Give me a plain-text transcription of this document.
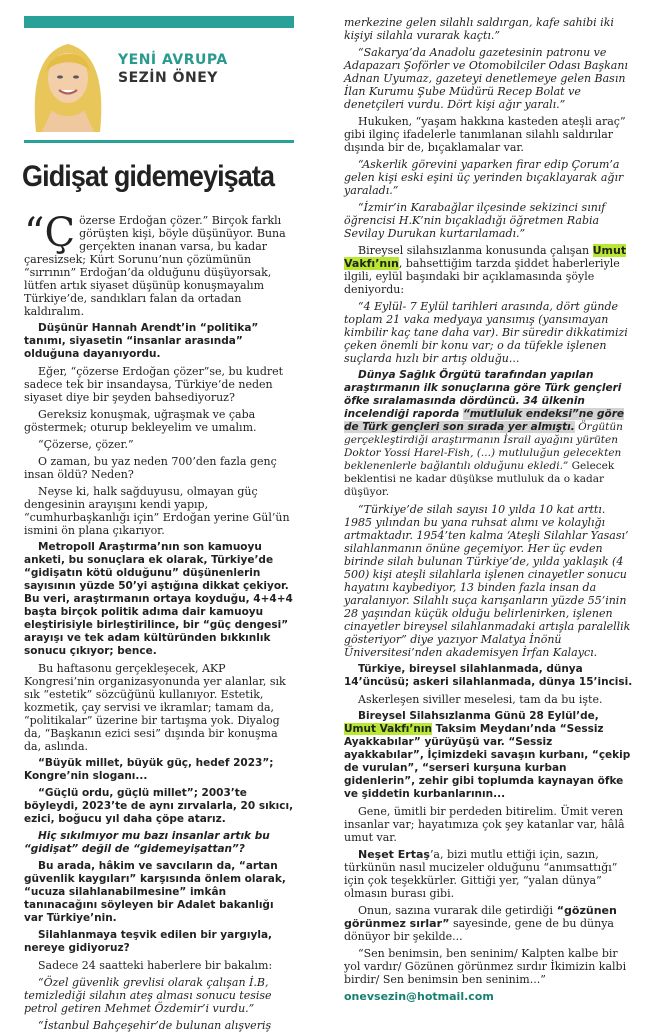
YENİ AVRUPA
SEZİN ÖNEY
Gidişat gidemeyişata

“Çözerse Erdoğan çözer.” Birçok farklı görüşten kişi, böyle düşünüyor. Buna gerçekten inanan varsa, bu kadar çaresizsek; Kürt Sorunu’nun çözümünün “sırrının” Erdoğan’da olduğunu düşüyorsak, lütfen artık siyaset düşünüp konuşmayalım Türkiye’de, sandıkları falan da ortadan kaldıralım.

Düşünür Hannah Arendt’in “politika” tanımı, siyasetin “insanlar arasında” olduğuna dayanıyordu.

Eğer, “çözerse Erdoğan çözer”se, bu kudret sadece tek bir insandaysa, Türkiye’de neden siyaset diye bir şeyden bahsediyoruz?

Gereksiz konuşmak, uğraşmak ve çaba göstermek; oturup bekleyelim ve umalım.

“Çözerse, çözer.”

O zaman, bu yaz neden 700’den fazla genç insan öldü? Neden?

Neyse ki, halk sağduyusu, olmayan güç dengesinin arayışını kendi yapıp, “cumhurbaşkanlığı için” Erdoğan yerine Gül’ün ismini ön plana çıkarıyor.

Metropoll Araştırma’nın son kamuoyu anketi, bu sonuçlara ek olarak, Türkiye’de “gidişatın kötü olduğunu” düşünenlerin sayısının yüzde 50’yi aştığına dikkat çekiyor. Bu veri, araştırmanın ortaya koyduğu, 4+4+4 başta birçok politik adıma dair kamuoyu eleştirisiyle birleştirilince, bir “güç dengesi” arayışı ve tek adam kültüründen bıkkınlık sonucu çıkıyor; bence.

Bu haftasonu gerçekleşecek, AKP Kongresi’nin organizasyonunda yer alanlar, sık sık “estetik” sözcüğünü kullanıyor. Estetik, kozmetik, çay servisi ve ikramlar; tamam da, “politikalar” üzerine bir tartışma yok. Diyalog da, “Başkanın ezici sesi” dışında bir konuşma da, aslında.

“Büyük millet, büyük güç, hedef 2023”; Kongre’nin sloganı...

“Güçlü ordu, güçlü millet”; 2003’te böyleydi, 2023’te de aynı zırvalarla, 20 sıkıcı, ezici, boğucu yıl daha çöpe atarız.

Hiç sıkılmıyor mu bazı insanlar artık bu “gidişat” değil de “gidemeyişattan”?

Bu arada, hâkim ve savcıların da, “artan güvenlik kaygıları” karşısında önlem olarak, “ucuza silahlanabilmesine” imkân tanınacağını söyleyen bir Adalet bakanlığı var Türkiye’nin.

Silahlanmaya teşvik edilen bir yargıyla, nereye gidiyoruz?

Sadece 24 saatteki haberlere bir bakalım:

“Özel güvenlik grevlisi olarak çalışan İ.B, temizlediği silahın ateş alması sonucu tesise petrol getiren Mehmet Özdemir’i vurdu.”

“İstanbul Bahçeşehir’de bulunan alışveriş

merkezine gelen silahlı saldırgan, kafe sahibi iki kişiyi silahla vurarak kaçtı.”

“Sakarya’da Anadolu gazetesinin patronu ve Adapazarı Şoförler ve Otomobilciler Odası Başkanı Adnan Uyumaz, gazeteyi denetlemeye gelen Basın İlan Kurumu Şube Müdürü Recep Bolat ve denetçileri vurdu. Dört kişi ağır yaralı.”

Hukuken, “yaşam hakkına kasteden ateşli araç” gibi ilginç ifadelerle tanımlanan silahlı saldırılar dışında bir de, bıçaklamalar var.

“Askerlik görevini yaparken firar edip Çorum’a gelen kişi eski eşini üç yerinden bıçaklayarak ağır yaraladı.”

“İzmir’in Karabağlar ilçesinde sekizinci sınıf öğrencisi H.K’nin bıçakladığı öğretmen Rabia Sevilay Durukan kurtarılamadı.”

Bireysel silahsızlanma konusunda çalışan Umut Vakfı’nın, bahsettiğim tarzda şiddet haberleriyle ilgili, eylül başındaki bir açıklamasında şöyle deniyordu:

“4 Eylül- 7 Eylül tarihleri arasında, dört günde toplam 21 vaka medyaya yansımış (yansımayan kimbilir kaç tane daha var). Bir süredir dikkatimizi çeken önemli bir konu var; o da tüfekle işlenen suçlarda hızlı bir artış olduğu...

Dünya Sağlık Örgütü tarafından yapılan araştırmanın ilk sonuçlarına göre Türk gençleri öfke sıralamasında dördüncü. 34 ülkenin incelendiği raporda “mutluluk endeksi”ne göre de Türk gençleri son sırada yer almıştı. Örgütün gerçekleştirdiği araştırmanın İsrail ayağını yürüten Doktor Yossi Harel-Fish, (...) mutluluğun gelecekten beklenenlerle bağlantılı olduğunu ekledi.” Gelecek beklentisi ne kadar düşükse mutluluk da o kadar düşüyor.

“Türkiye’de silah sayısı 10 yılda 10 kat arttı. 1985 yılından bu yana ruhsat alımı ve kolaylığı artmaktadır. 1954’ten kalma ‘Ateşli Silahlar Yasası’ silahlanmanın önüne geçemiyor. Her üç evden birinde silah bulunan Türkiye’de, yılda yaklaşık (4 500) kişi ateşli silahlarla işlenen cinayetler sonucu hayatını kaybediyor, 13 binden fazla insan da yaralanıyor. Silahlı suça karışanların yüzde 55’inin 28 yaşından küçük olduğu belirlenirken, işlenen cinayetler bireysel silahlanmadaki artışla paralellik gösteriyor” diye yazıyor Malatya İnönü Üniversitesi’nden akademisyen İrfan Kalaycı.

Türkiye, bireysel silahlanmada, dünya 14’üncüsü; askeri silahlanmada, dünya 15’incisi.

Askerleşen siviller meselesi, tam da bu işte.

Bireysel Silahsızlanma Günü 28 Eylül’de, Umut Vakfı’nın Taksim Meydanı’nda “Sessiz Ayakkabılar” yürüyüşü var. “Sessiz ayakkabılar”, İçimizdeki savaşın kurbanı, “çekip de vurulan”, “serseri kurşuna kurban gidenlerin”, zehir gibi toplumda kaynayan öfke ve şiddetin kurbanlarının...

Gene, ümitli bir perdeden bitirelim. Ümit veren insanlar var; hayatımıza çok şey katanlar var, hâlâ umut var.

Neşet Ertaş’a, bizi mutlu ettiği için, sazın, türkünün nasıl mucizeler olduğunu “anımsattığı” için çok teşekkürler. Gittiği yer, “yalan dünya” olmasın burası gibi.

Onun, sazına vurarak dile getirdiği “gözünen görünmez sırlar” sayesinde, gene de bu dünya dönüyor bir şekilde...

“Sen benimsin, ben seninim/ Kalpten kalbe bir yol vardır/ Gözünen görünmez sırdır İkimizin kalbi birdir/ Sen benimsin ben seninim...”

onevsezin@hotmail.com
